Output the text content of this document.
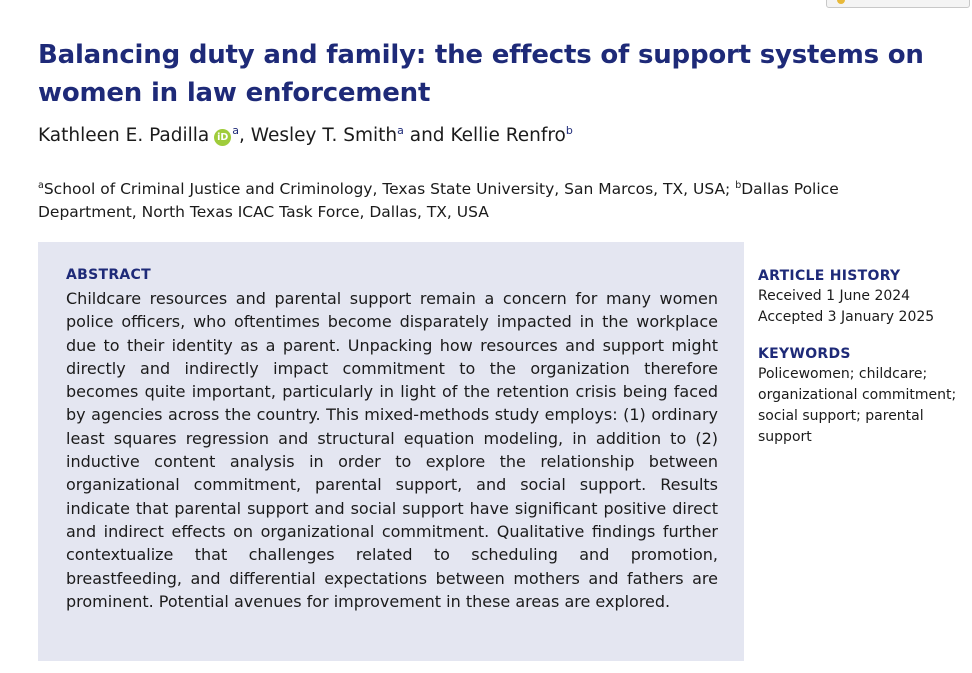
Balancing duty and family: the effects of support systems on women in law enforcement
Kathleen E. Padilla $iD^a$, Wesley T. Smith$^a$ and Kellie Renfro$^b$
$^a$School of Criminal Justice and Criminology, Texas State University, San Marcos, TX, USA; $^b$Dallas Police Department, North Texas ICAC Task Force, Dallas, TX, USA
ABSTRACT

Childcare resources and parental support remain a concern for many women police officers, who oftentimes become disparately impacted in the workplace due to their identity as a parent. Unpacking how resources and support might directly and indirectly impact commitment to the organization therefore becomes quite important, particularly in light of the retention crisis being faced by agencies across the country. This mixed-methods study employs: (1) ordinary least squares regression and structural equation modeling, in addition to (2) inductive content analysis in order to explore the relationship between organizational commitment, parental support, and social support. Results indicate that parental support and social support have significant positive direct and indirect effects on organizational commitment. Qualitative findings further contextualize that challenges related to scheduling and promotion, breastfeeding, and differential expectations between mothers and fathers are prominent. Potential avenues for improvement in these areas are explored.

ARTICLE HISTORY
Received 1 June 2024
Accepted 3 January 2025
KEYWORDS
Policewomen; childcare; organizational commitment; social support; parental support
